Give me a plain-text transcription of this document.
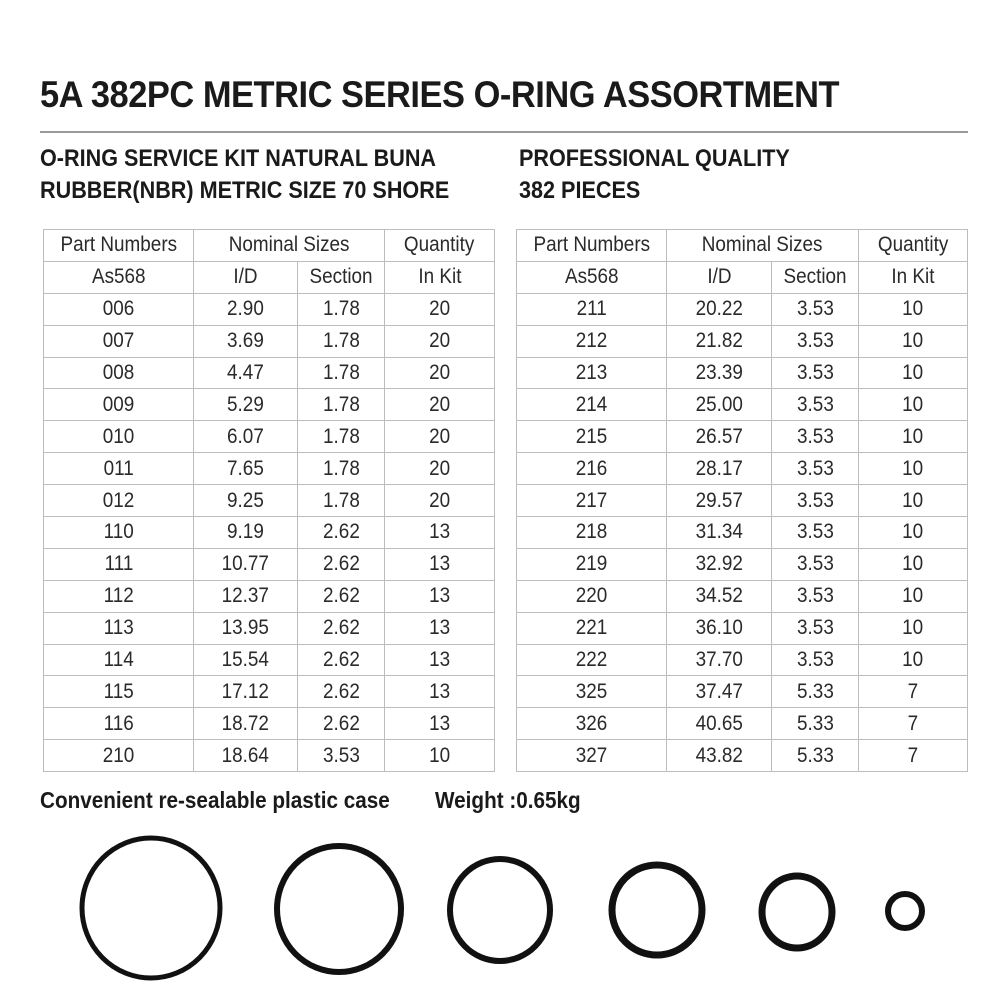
5A 382PC METRIC SERIES O-RING ASSORTMENT
O-RING SERVICE KIT NATURAL BUNA
RUBBER(NBR) METRIC SIZE 70 SHORE
PROFESSIONAL QUALITY
382 PIECES
Part Numbers	Nominal Sizes		Quantity
As568	I/D	Section	In Kit
006	2.90	1.78	20
007	3.69	1.78	20
008	4.47	1.78	20
009	5.29	1.78	20
010	6.07	1.78	20
011	7.65	1.78	20
012	9.25	1.78	20
110	9.19	2.62	13
111	10.77	2.62	13
112	12.37	2.62	13
113	13.95	2.62	13
114	15.54	2.62	13
115	17.12	2.62	13
116	18.72	2.62	13
210	18.64	3.53	10
Part Numbers	Nominal Sizes		Quantity
As568	I/D	Section	In Kit
211	20.22	3.53	10
212	21.82	3.53	10
213	23.39	3.53	10
214	25.00	3.53	10
215	26.57	3.53	10
216	28.17	3.53	10
217	29.57	3.53	10
218	31.34	3.53	10
219	32.92	3.53	10
220	34.52	3.53	10
221	36.10	3.53	10
222	37.70	3.53	10
325	37.47	5.33	7
326	40.65	5.33	7
327	43.82	5.33	7
Convenient re-sealable plastic case Weight :0.65kg
